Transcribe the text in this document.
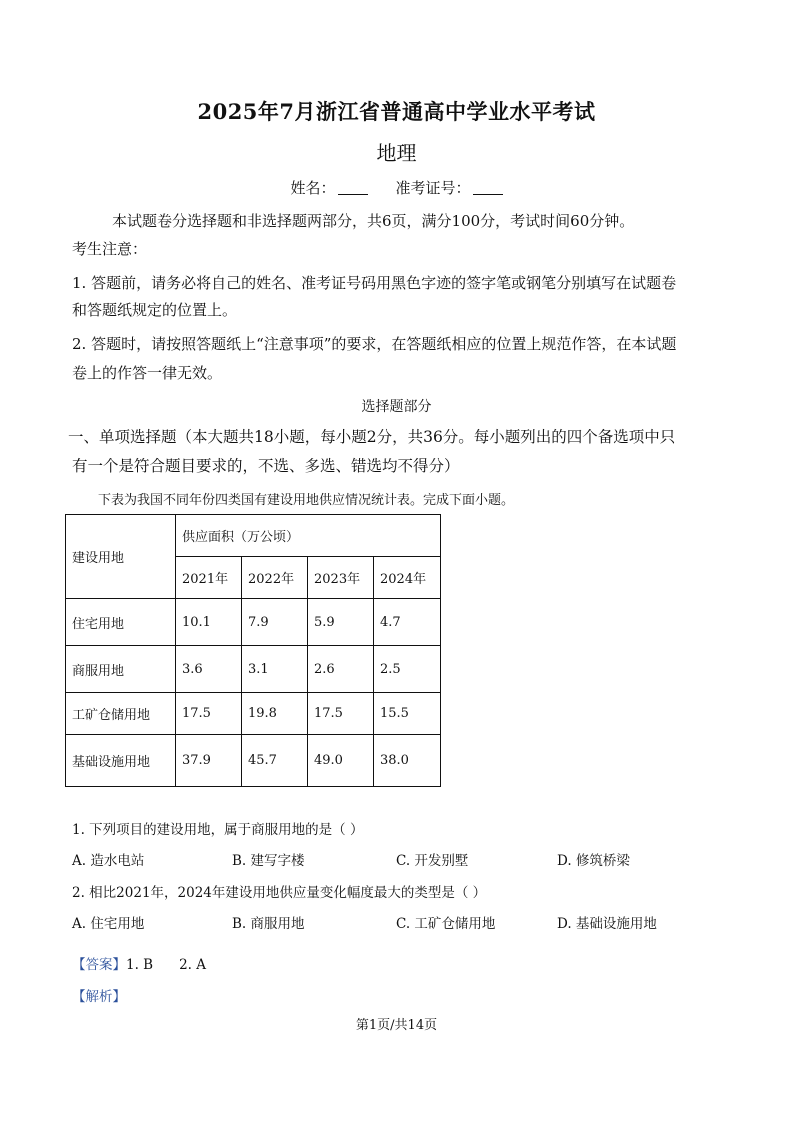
2025年7月浙江省普通高中学业水平考试
地理
姓名：	准考证号：
本试题卷分选择题和非选择题两部分，共6页，满分100分，考试时间60分钟。
考生注意：
1. 答题前，请务必将自己的姓名、准考证号码用黑色字迹的签字笔或钢笔分别填写在试题卷
和答题纸规定的位置上。
2. 答题时，请按照答题纸上“注意事项”的要求，在答题纸相应的位置上规范作答，在本试题
卷上的作答一律无效。
选择题部分
一、单项选择题（本大题共18小题，每小题2分，共36分。每小题列出的四个备选项中只
有一个是符合题目要求的，不选、多选、错选均不得分）
下表为我国不同年份四类国有建设用地供应情况统计表。完成下面小题。
建设用地	供应面积（万公顷）			
	2021年	2022年	2023年	2024年
住宅用地	10.1	7.9	5.9	4.7
商服用地	3.6	3.1	2.6	2.5
工矿仓储用地	17.5	19.8	17.5	15.5
基础设施用地	37.9	45.7	49.0	38.0
1. 下列项目的建设用地，属于商服用地的是（ ）
A. 造水电站	B. 建写字楼	C. 开发别墅	D. 修筑桥梁
2. 相比2021年，2024年建设用地供应量变化幅度最大的类型是（ ）
A. 住宅用地	B. 商服用地	C. 工矿仓储用地	D. 基础设施用地
【答案】1. B 2. A
【解析】
第1页/共14页
